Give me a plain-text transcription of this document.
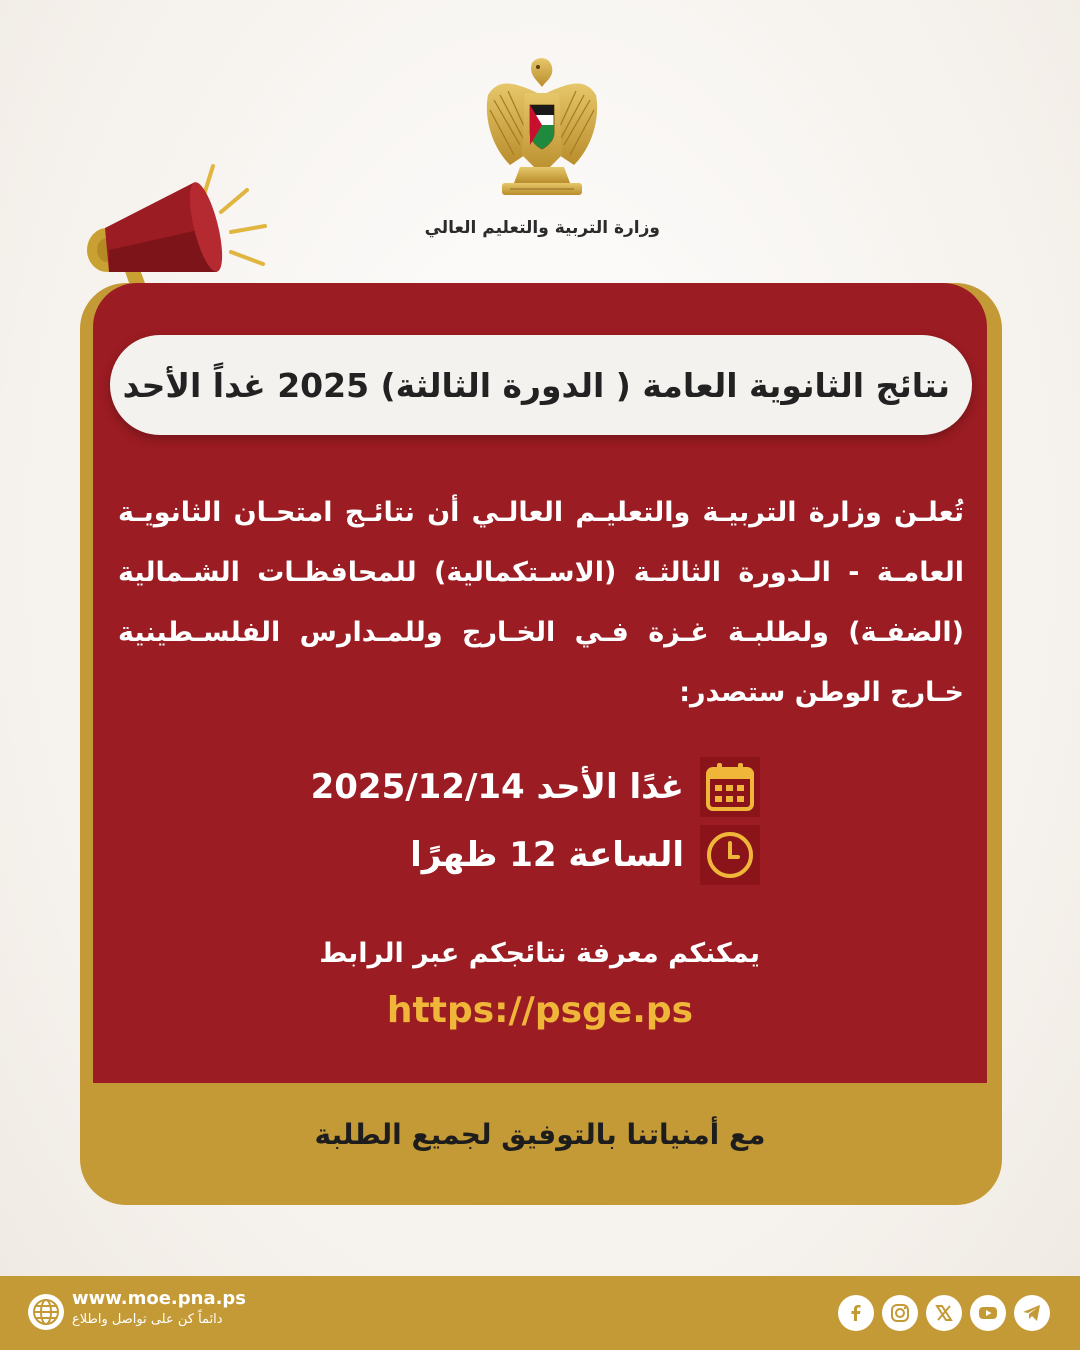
وزارة التربية والتعليم العالي
نتائج الثانوية العامة ( الدورة الثالثة) 2025 غداً الأحد
تُعلـن وزارة التربيـة والتعليـم العالـي أن نتائـج امتحـان الثانويـة العامـة - الـدورة الثالثـة (الاسـتكمالية) للمحافظـات الشـمالية (الضفـة) ولطلبـة غـزة فـي الخـارج وللمـدارس الفلسـطينية خـارج الوطن ستصدر:
غدًا الأحد 2025/12/14
الساعة 12 ظهرًا
يمكنكم معرفة نتائجكم عبر الرابط
https://psge.ps
مع أمنياتنا بالتوفيق لجميع الطلبة
www.moe.pna.ps
دائماً كن على تواصل واطلاع
